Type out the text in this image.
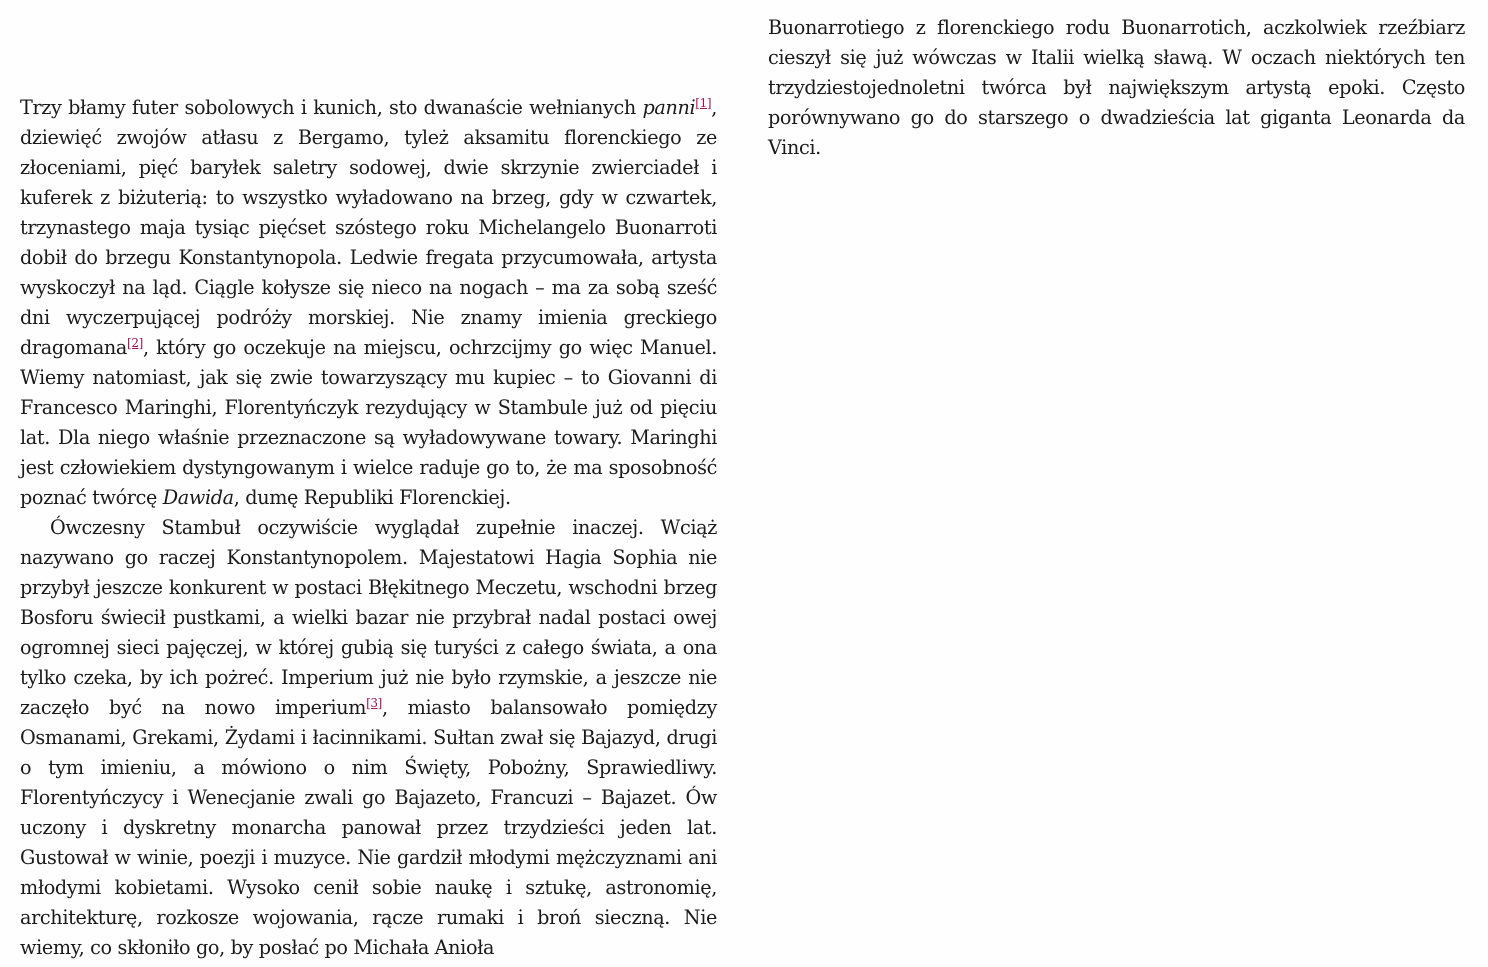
Trzy błamy futer sobolowych i kunich, sto dwanaście wełnianych panni[1], dziewięć zwojów atłasu z Bergamo, tyleż aksamitu florenckiego ze złoceniami, pięć baryłek saletry sodowej, dwie skrzynie zwierciadeł i kuferek z biżuterią: to wszystko wyładowano na brzeg, gdy w czwartek, trzynastego maja tysiąc pięćset szóstego roku Michelangelo Buonarroti dobił do brzegu Konstantynopola. Ledwie fregata przycumowała, artysta wyskoczył na ląd. Ciągle kołysze się nieco na nogach – ma za sobą sześć dni wyczerpującej podróży morskiej. Nie znamy imienia greckiego dragomana[2], który go oczekuje na miejscu, ochrzcijmy go więc Manuel. Wiemy natomiast, jak się zwie towarzyszący mu kupiec – to Giovanni di Francesco Maringhi, Florentyńczyk rezydujący w Stambule już od pięciu lat. Dla niego właśnie przeznaczone są wyładowywane towary. Maringhi jest człowiekiem dystyngowanym i wielce raduje go to, że ma sposobność poznać twórcę Dawida, dumę Republiki Florenckiej.

Ówczesny Stambuł oczywiście wyglądał zupełnie inaczej. Wciąż nazywano go raczej Konstantynopolem. Majestatowi Hagia Sophia nie przybył jeszcze konkurent w postaci Błękitnego Meczetu, wschodni brzeg Bosforu świecił pustkami, a wielki bazar nie przybrał nadal postaci owej ogromnej sieci pajęczej, w której gubią się turyści z całego świata, a ona tylko czeka, by ich pożreć. Imperium już nie było rzymskie, a jeszcze nie zaczęło być na nowo imperium[3], miasto balansowało pomiędzy Osmanami, Grekami, Żydami i łacinnikami. Sułtan zwał się Bajazyd, drugi o tym imieniu, a mówiono o nim Święty, Pobożny, Sprawiedliwy. Florentyńczycy i Wenecjanie zwali go Bajazeto, Francuzi – Bajazet. Ów uczony i dyskretny monarcha panował przez trzydzieści jeden lat. Gustował w winie, poezji i muzyce. Nie gardził młodymi mężczyznami ani młodymi kobietami. Wysoko cenił sobie naukę i sztukę, astronomię, architekturę, rozkosze wojowania, rącze rumaki i broń sieczną. Nie wiemy, co skłoniło go, by posłać po Michała Anioła

Buonarrotiego z florenckiego rodu Buonarrotich, aczkolwiek rzeźbiarz cieszył się już wówczas w Italii wielką sławą. W oczach niektórych ten trzydziestojednoletni twórca był największym artystą epoki. Często porównywano go do starszego o dwadzieścia lat giganta Leonarda da Vinci.
